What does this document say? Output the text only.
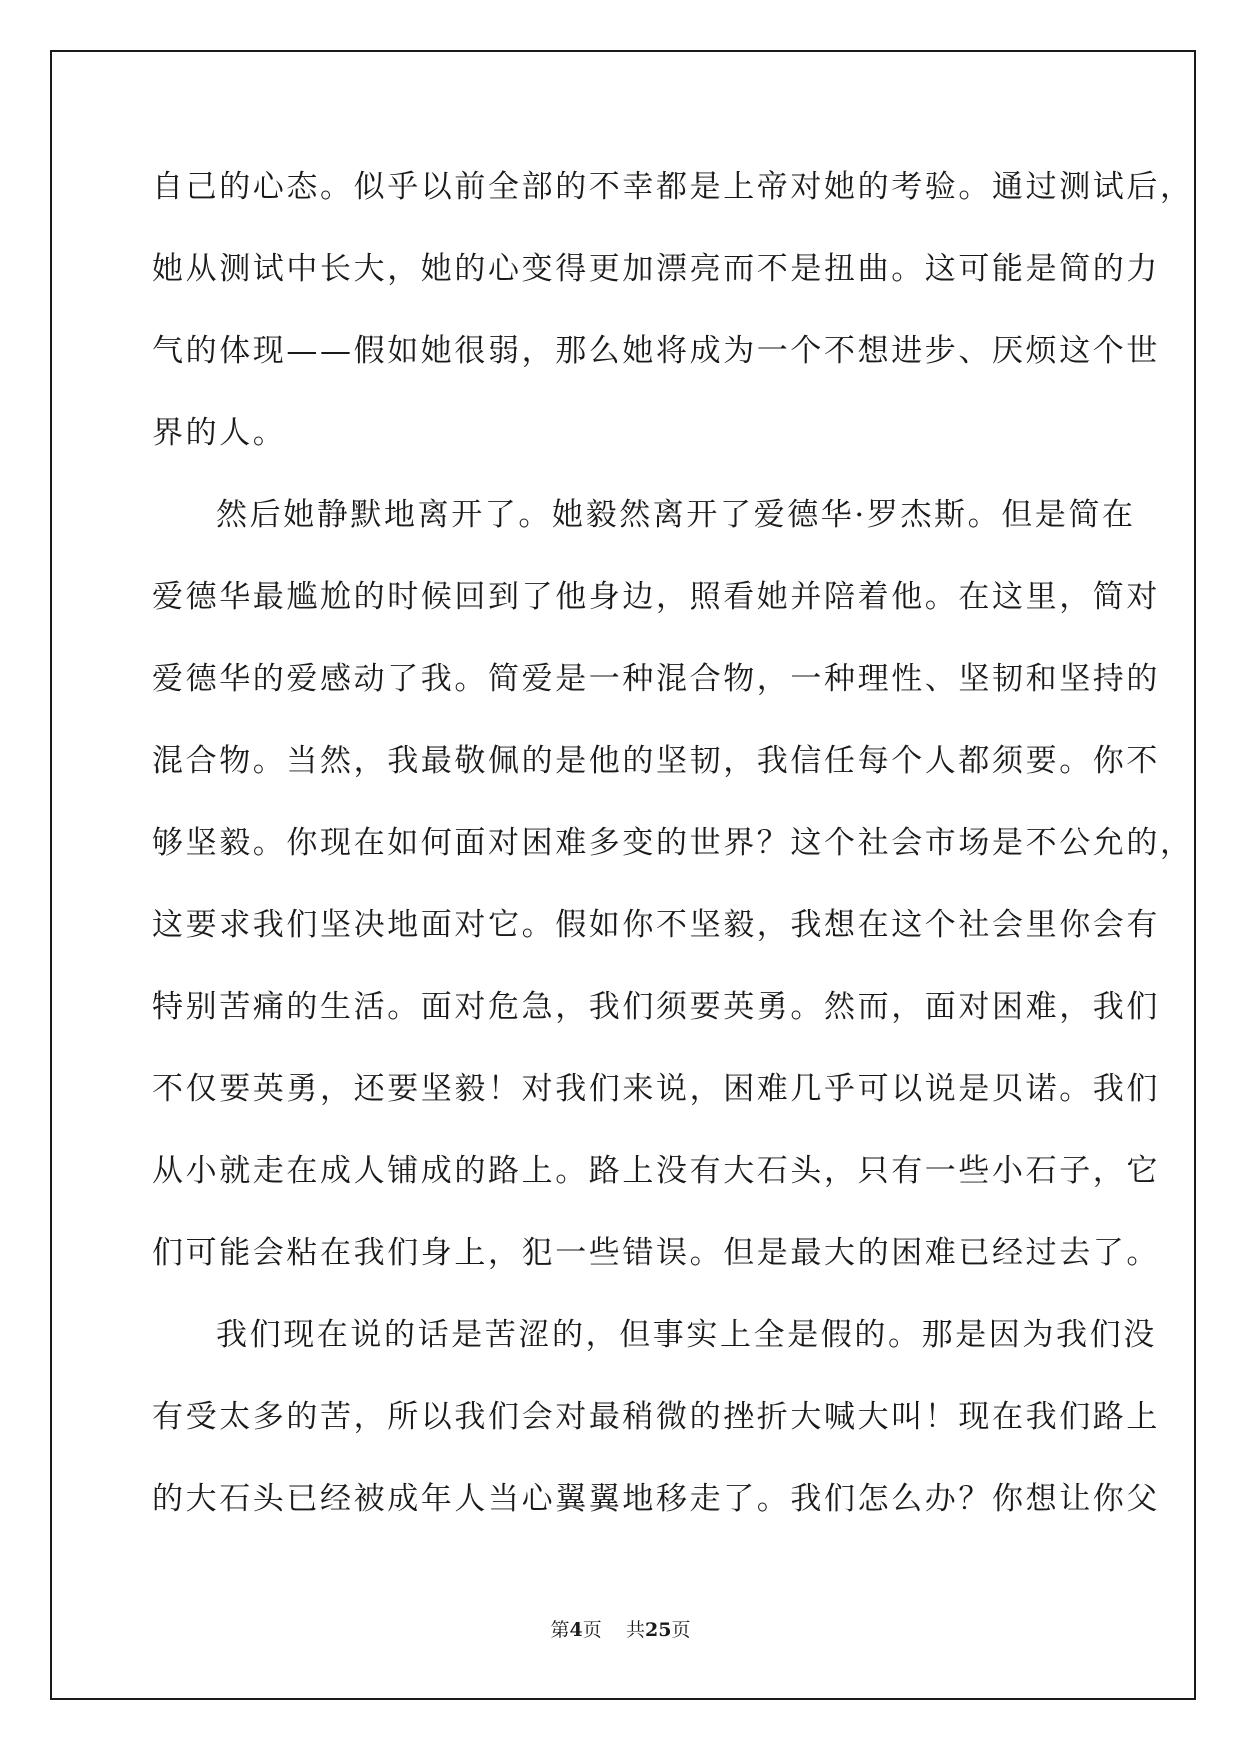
自己的心态。似乎以前全部的不幸都是上帝对她的考验。通过测试后，
她从测试中长大，她的心变得更加漂亮而不是扭曲。这可能是简的力
气的体现——假如她很弱，那么她将成为一个不想进步、厌烦这个世
界的人。
然后她静默地离开了。她毅然离开了爱德华·罗杰斯。但是简在
爱德华最尴尬的时候回到了他身边，照看她并陪着他。在这里，简对
爱德华的爱感动了我。简爱是一种混合物，一种理性、坚韧和坚持的
混合物。当然，我最敬佩的是他的坚韧，我信任每个人都须要。你不
够坚毅。你现在如何面对困难多变的世界？这个社会市场是不公允的，
这要求我们坚决地面对它。假如你不坚毅，我想在这个社会里你会有
特别苦痛的生活。面对危急，我们须要英勇。然而，面对困难，我们
不仅要英勇，还要坚毅！对我们来说，困难几乎可以说是贝诺。我们
从小就走在成人铺成的路上。路上没有大石头，只有一些小石子，它
们可能会粘在我们身上，犯一些错误。但是最大的困难已经过去了。
我们现在说的话是苦涩的，但事实上全是假的。那是因为我们没
有受太多的苦，所以我们会对最稍微的挫折大喊大叫！现在我们路上
的大石头已经被成年人当心翼翼地移走了。我们怎么办？你想让你父
第4页 共25页
